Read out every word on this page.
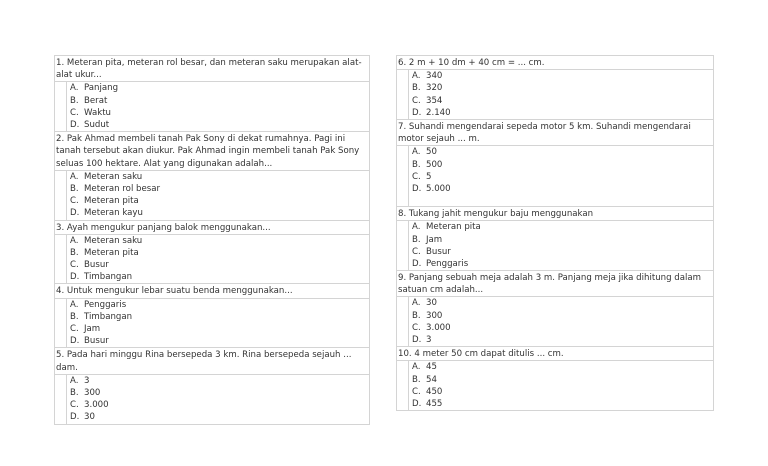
1. Meteran pita, meteran rol besar, dan meteran saku merupakan alat-alat ukur...
A. Panjang
B. Berat
C. Waktu
D. Sudut
2. Pak Ahmad membeli tanah Pak Sony di dekat rumahnya. Pagi ini tanah tersebut akan diukur. Pak Ahmad ingin membeli tanah Pak Sony seluas 100 hektare. Alat yang digunakan adalah...
A. Meteran saku
B. Meteran rol besar
C. Meteran pita
D. Meteran kayu
3. Ayah mengukur panjang balok menggunakan...
A. Meteran saku
B. Meteran pita
C. Busur
D. Timbangan
4. Untuk mengukur lebar suatu benda menggunakan...
A. Penggaris
B. Timbangan
C. Jam
D. Busur
5. Pada hari minggu Rina bersepeda 3 km. Rina bersepeda sejauh ... dam.
A. 3
B. 300
C. 3.000
D. 30
6. 2 m + 10 dm + 40 cm = ... cm.
A. 340
B. 320
C. 354
D. 2.140
7. Suhandi mengendarai sepeda motor 5 km. Suhandi mengendarai motor sejauh ... m.
A. 50
B. 500
C. 5
D. 5.000
8. Tukang jahit mengukur baju menggunakan
A. Meteran pita
B. Jam
C. Busur
D. Penggaris
9. Panjang sebuah meja adalah 3 m. Panjang meja jika dihitung dalam satuan cm adalah...
A. 30
B. 300
C. 3.000
D. 3
10. 4 meter 50 cm dapat ditulis ... cm.
A. 45
B. 54
C. 450
D. 455
